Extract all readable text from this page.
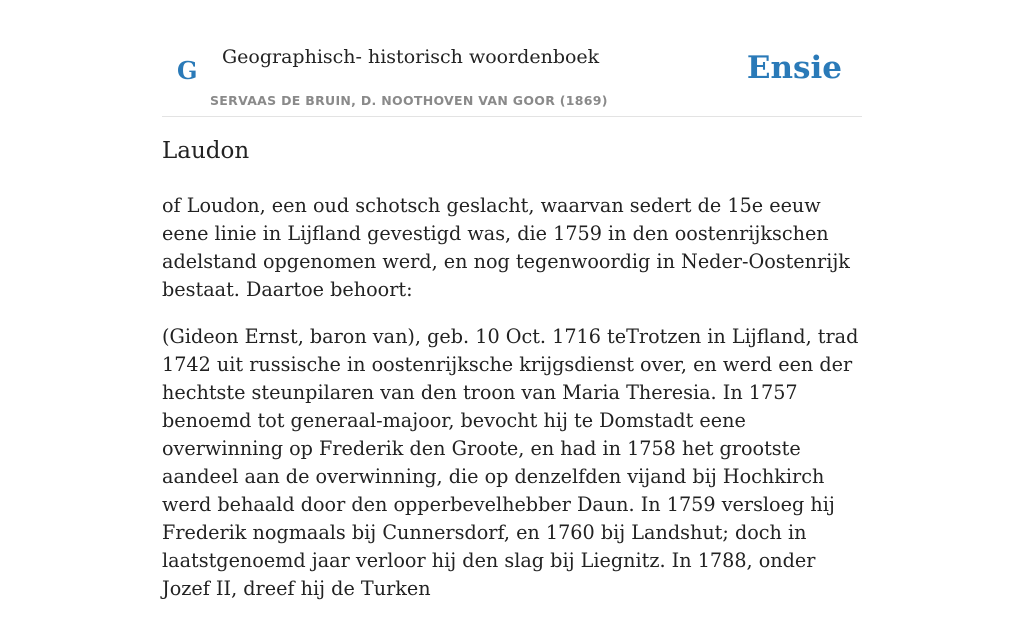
G Geographisch- historisch woordenboek
SERVAAS DE BRUIN, D. NOOTHOVEN VAN GOOR (1869)
Ensie
Laudon

of Loudon, een oud schotsch geslacht, waarvan sedert de 15e eeuw eene linie in Lijfland gevestigd was, die 1759 in den oostenrijkschen adelstand opgenomen werd, en nog tegenwoordig in Neder-Oostenrijk bestaat. Daartoe behoort:

(Gideon Ernst, baron van), geb. 10 Oct. 1716 teTrotzen in Lijfland, trad 1742 uit russische in oostenrijksche krijgsdienst over, en werd een der hechtste steunpilaren van den troon van Maria Theresia. In 1757 benoemd tot generaal-majoor, bevocht hij te Domstadt eene overwinning op Frederik den Groote, en had in 1758 het grootste aandeel aan de overwinning, die op denzelfden vijand bij Hochkirch werd behaald door den opperbevelhebber Daun. In 1759 versloeg hij Frederik nogmaals bij Cunnersdorf, en 1760 bij Landshut; doch in laatstgenoemd jaar verloor hij den slag bij Liegnitz. In 1788, onder Jozef II, dreef hij de Turken
